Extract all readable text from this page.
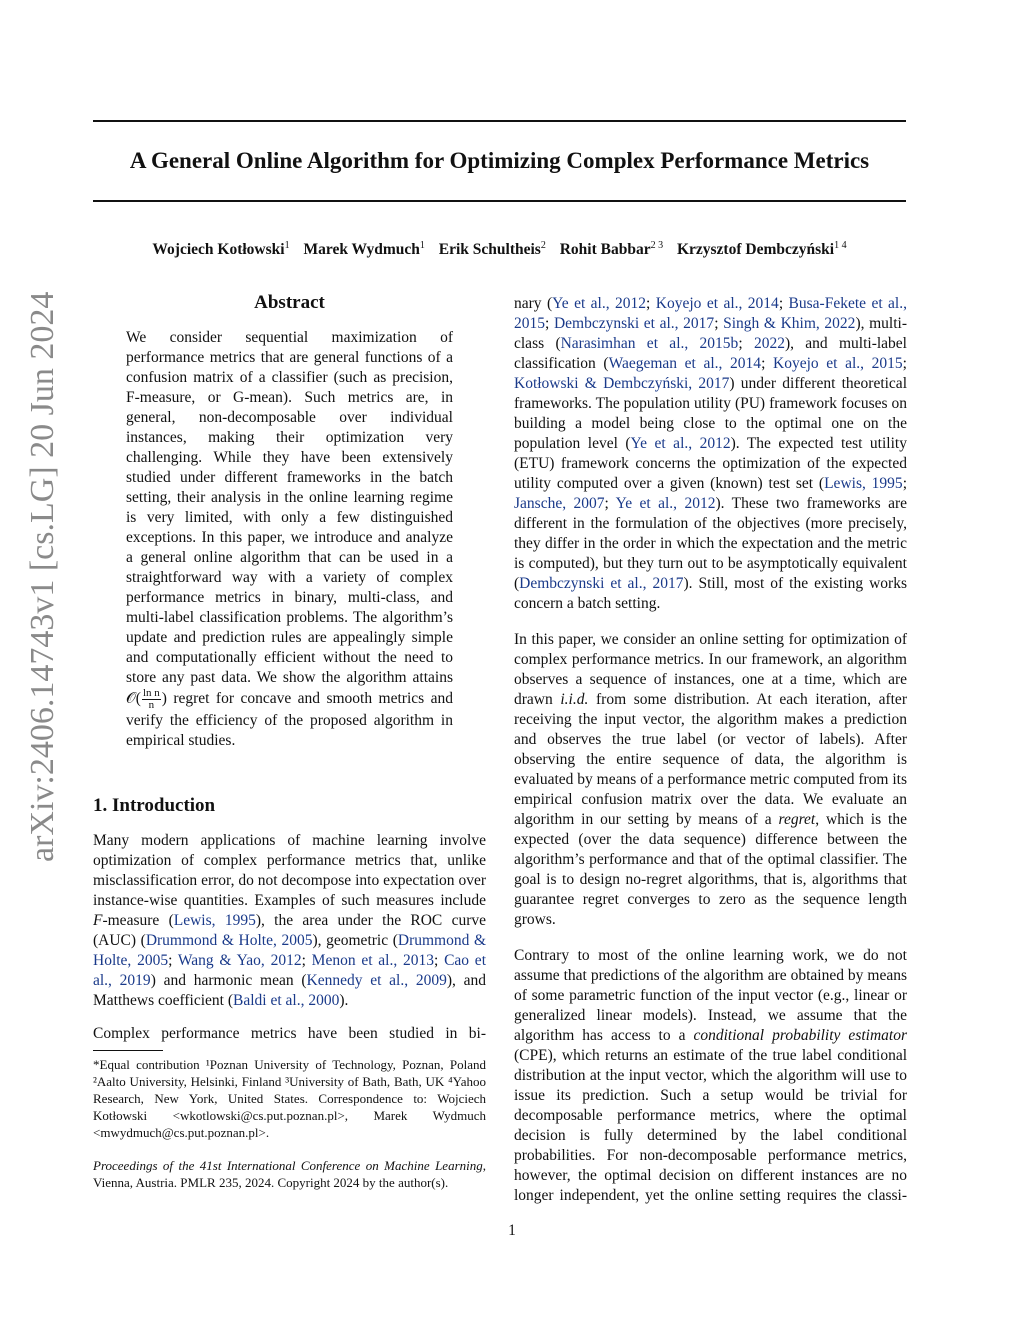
arXiv:2406.14743v1 [cs.LG] 20 Jun 2024
A General Online Algorithm for Optimizing Complex Performance Metrics
Wojciech Kotłowski$^1$ Marek Wydmuch$^1$ Erik Schultheis$^2$ Rohit Babbar$^{2 3}$ Krzysztof Dembczyński$^{1 4}$
Abstract

We consider sequential maximization of performance metrics that are general functions of a confusion matrix of a classifier (such as precision, F-measure, or G-mean). Such metrics are, in general, non-decomposable over individual instances, making their optimization very challenging. While they have been extensively studied under different frameworks in the batch setting, their analysis in the online learning regime is very limited, with only a few distinguished exceptions. In this paper, we introduce and analyze a general online algorithm that can be used in a straightforward way with a variety of complex performance metrics in binary, multi-class, and multi-label classification problems. The algorithm’s update and prediction rules are appealingly simple and computationally efficient without the need to store any past data. We show the algorithm attains 𝒪( $\frac{\text{ln n}}{n}$ ) regret for concave and smooth metrics and verify the efficiency of the proposed algorithm in empirical studies.

1. Introduction

Many modern applications of machine learning involve optimization of complex performance metrics that, unlike misclassification error, do not decompose into expectation over instance-wise quantities. Examples of such measures include F-measure (Lewis, 1995), the area under the ROC curve (AUC) (Drummond & Holte, 2005), geometric (Drummond & Holte, 2005; Wang & Yao, 2012; Menon et al., 2013; Cao et al., 2019) and harmonic mean (Kennedy et al., 2009), and Matthews coefficient (Baldi et al., 2000).

Complex performance metrics have been studied in bi-

*Equal contribution ¹Poznan University of Technology, Poznan, Poland ²Aalto University, Helsinki, Finland ³University of Bath, Bath, UK ⁴Yahoo Research, New York, United States. Correspondence to: Wojciech Kotłowski <wkotlowski@cs.put.poznan.pl>, Marek Wydmuch <mwydmuch@cs.put.poznan.pl>.

Proceedings of the 41st International Conference on Machine Learning, Vienna, Austria. PMLR 235, 2024. Copyright 2024 by the author(s).

nary (Ye et al., 2012; Koyejo et al., 2014; Busa-Fekete et al., 2015; Dembczynski et al., 2017; Singh & Khim, 2022), multi-class (Narasimhan et al., 2015b; 2022), and multi-label classification (Waegeman et al., 2014; Koyejo et al., 2015; Kotłowski & Dembczyński, 2017) under different theoretical frameworks. The population utility (PU) framework focuses on building a model being close to the optimal one on the population level (Ye et al., 2012). The expected test utility (ETU) framework concerns the optimization of the expected utility computed over a given (known) test set (Lewis, 1995; Jansche, 2007; Ye et al., 2012). These two frameworks are different in the formulation of the objectives (more precisely, they differ in the order in which the expectation and the metric is computed), but they turn out to be asymptotically equivalent (Dembczynski et al., 2017). Still, most of the existing works concern a batch setting.

In this paper, we consider an online setting for optimization of complex performance metrics. In our framework, an algorithm observes a sequence of instances, one at a time, which are drawn i.i.d. from some distribution. At each iteration, after receiving the input vector, the algorithm makes a prediction and observes the true label (or vector of labels). After observing the entire sequence of data, the algorithm is evaluated by means of a performance metric computed from its empirical confusion matrix over the data. We evaluate an algorithm in our setting by means of a regret, which is the expected (over the data sequence) difference between the algorithm’s performance and that of the optimal classifier. The goal is to design no-regret algorithms, that is, algorithms that guarantee regret converges to zero as the sequence length grows.

Contrary to most of the online learning work, we do not assume that predictions of the algorithm are obtained by means of some parametric function of the input vector (e.g., linear or generalized linear models). Instead, we assume that the algorithm has access to a conditional probability estimator (CPE), which returns an estimate of the true label conditional distribution at the input vector, which the algorithm will use to issue its prediction. Such a setup would be trivial for decomposable performance metrics, where the optimal decision is fully determined by the label conditional probabilities. For non-decomposable performance metrics, however, the optimal decision on different instances are no longer independent, yet the online setting requires the classi-

1
